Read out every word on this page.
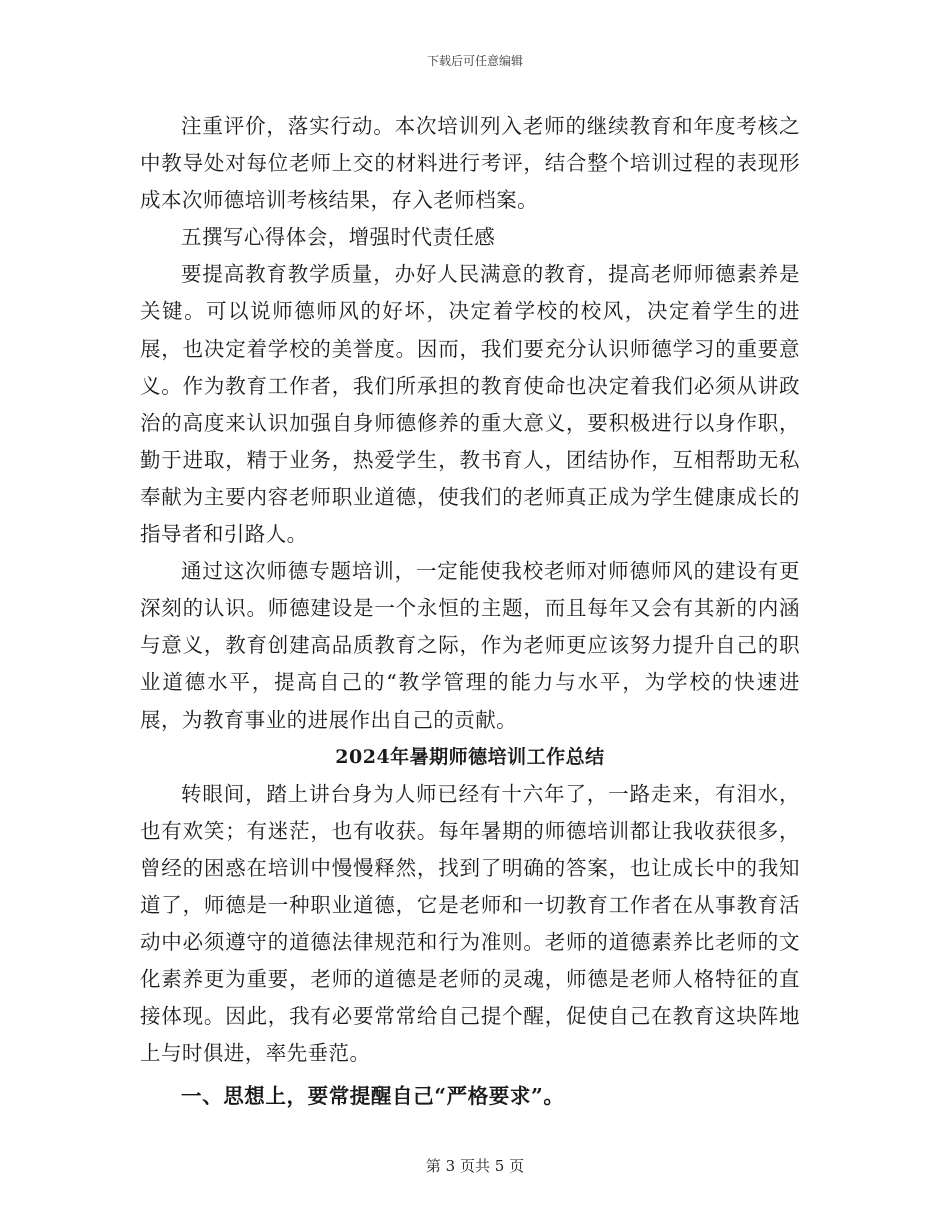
下载后可任意编辑

注重评价，落实行动。本次培训列入老师的继续教育和年度考核之中教导处对每位老师上交的材料进行考评，结合整个培训过程的表现形成本次师德培训考核结果，存入老师档案。

五撰写心得体会，增强时代责任感

要提高教育教学质量，办好人民满意的教育，提高老师师德素养是关键。可以说师德师风的好坏，决定着学校的校风，决定着学生的进展，也决定着学校的美誉度。因而，我们要充分认识师德学习的重要意义。作为教育工作者，我们所承担的教育使命也决定着我们必须从讲政治的高度来认识加强自身师德修养的重大意义，要积极进行以身作职，勤于进取，精于业务，热爱学生，教书育人，团结协作，互相帮助无私奉献为主要内容老师职业道德，使我们的老师真正成为学生健康成长的指导者和引路人。

通过这次师德专题培训，一定能使我校老师对师德师风的建设有更深刻的认识。师德建设是一个永恒的主题，而且每年又会有其新的内涵与意义，教育创建高品质教育之际，作为老师更应该努力提升自己的职业道德水平，提高自己的“教学管理的能力与水平，为学校的快速进展，为教育事业的进展作出自己的贡献。

2024年暑期师德培训工作总结

转眼间，踏上讲台身为人师已经有十六年了，一路走来，有泪水，也有欢笑；有迷茫，也有收获。每年暑期的师德培训都让我收获很多，曾经的困惑在培训中慢慢释然，找到了明确的答案，也让成长中的我知道了，师德是一种职业道德，它是老师和一切教育工作者在从事教育活动中必须遵守的道德法律规范和行为准则。老师的道德素养比老师的文化素养更为重要，老师的道德是老师的灵魂，师德是老师人格特征的直接体现。因此，我有必要常常给自己提个醒，促使自己在教育这块阵地上与时俱进，率先垂范。

一、思想上，要常提醒自己“严格要求”。

第 3 页共 5 页
